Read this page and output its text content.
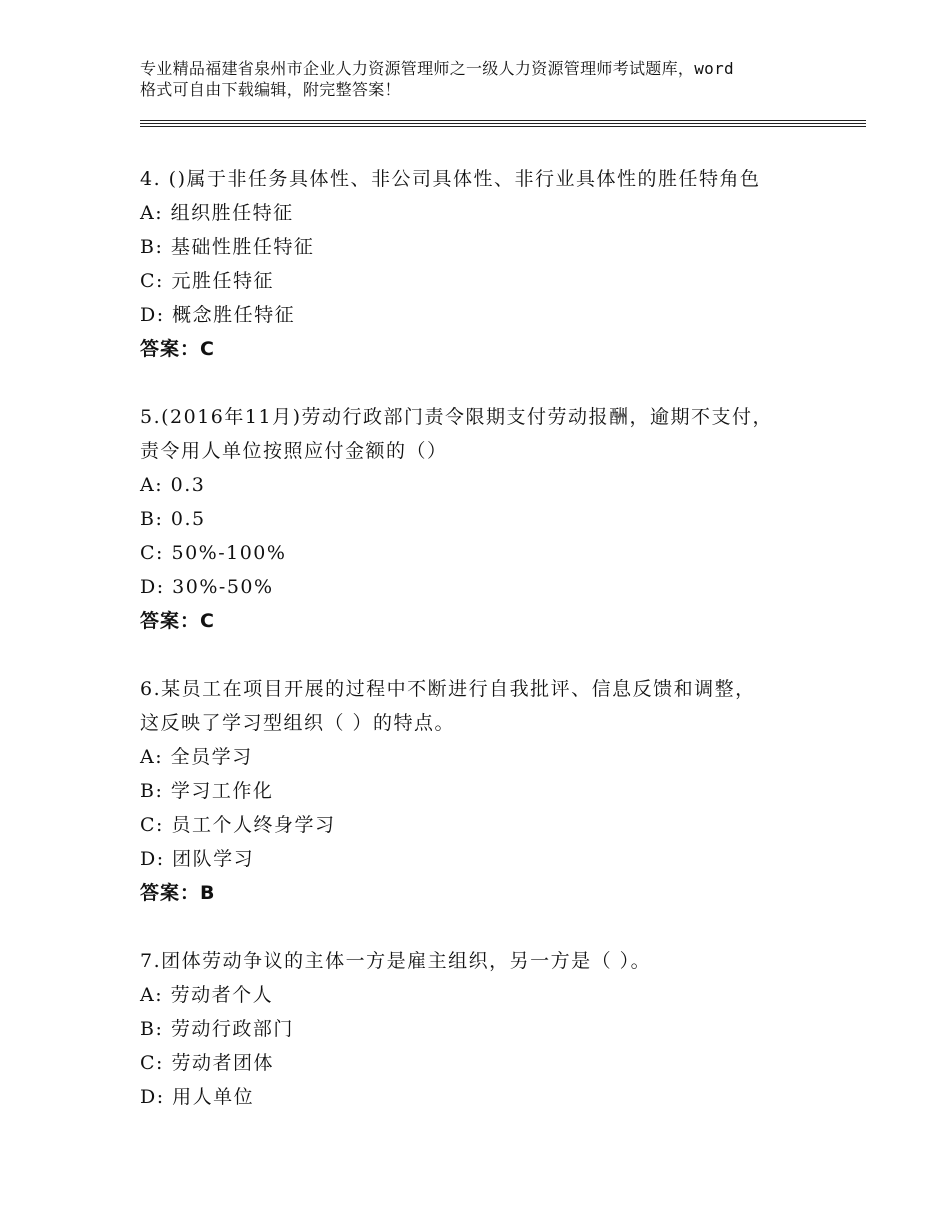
专业精品福建省泉州市企业人力资源管理师之一级人力资源管理师考试题库，word
格式可自由下载编辑，附完整答案！
4. ()属于非任务具体性、非公司具体性、非行业具体性的胜任特角色
A: 组织胜任特征
B: 基础性胜任特征
C: 元胜任特征
D: 概念胜任特征
答案：C
5.(2016年11月)劳动行政部门责令限期支付劳动报酬，逾期不支付，
责令用人单位按照应付金额的（）
A: 0.3
B: 0.5
C: 50%-100%
D: 30%-50%
答案：C
6.某员工在项目开展的过程中不断进行自我批评、信息反馈和调整，
这反映了学习型组织（ ）的特点。
A: 全员学习
B: 学习工作化
C: 员工个人终身学习
D: 团队学习
答案：B
7.团体劳动争议的主体一方是雇主组织，另一方是（ ）。
A: 劳动者个人
B: 劳动行政部门
C: 劳动者团体
D: 用人单位
